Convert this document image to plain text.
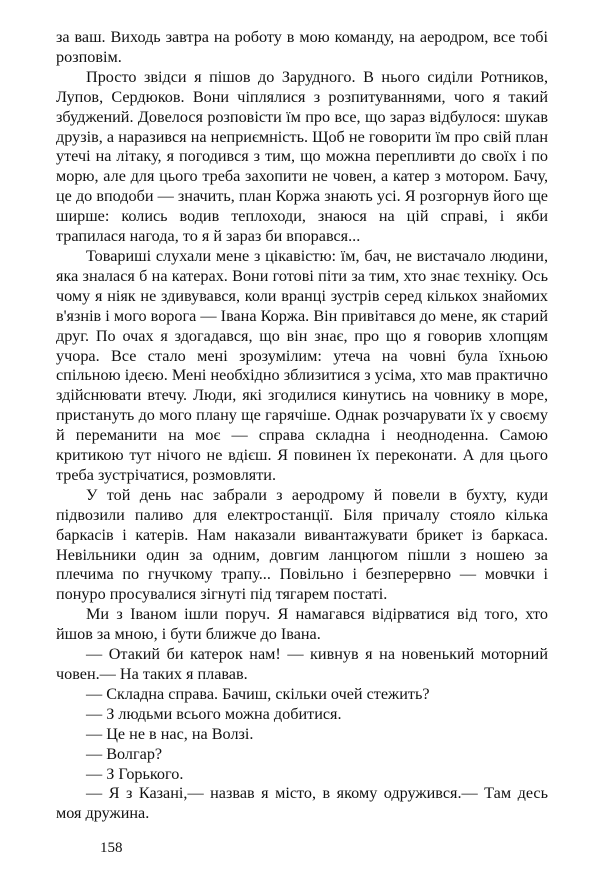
за ваш. Виходь завтра на роботу в мою команду, на аеродром, все тобі розповім.

Просто звідси я пішов до Зарудного. В нього сиділи Ротников, Лупов, Сердюков. Вони чіплялися з розпитуваннями, чого я такий збуджений. Довелося розповісти їм про все, що зараз відбулося: шукав друзів, а наразився на неприємність. Щоб не говорити їм про свій план утечі на літаку, я погодився з тим, що можна перепливти до своїх і по морю, але для цього треба захопити не човен, а катер з мотором. Бачу, це до вподоби — значить, план Коржа знають усі. Я розгорнув його ще ширше: колись водив теплоходи, знаюся на цій справі, і якби трапилася нагода, то я й зараз би впорався...

Товариші слухали мене з цікавістю: їм, бач, не вистачало людини, яка зналася б на катерах. Вони готові піти за тим, хто знає техніку. Ось чому я ніяк не здивувався, коли вранці зустрів серед кількох знайомих в'язнів і мого ворога — Івана Коржа. Він привітався до мене, як старий друг. По очах я здогадався, що він знає, про що я говорив хлопцям учора. Все стало мені зрозумілим: утеча на човні була їхньою спільною ідеєю. Мені необхідно зблизитися з усіма, хто мав практично здійснювати втечу. Люди, які згодилися кинутись на човнику в море, пристануть до мого плану ще гарячіше. Однак розчарувати їх у своєму й переманити на моє — справа складна і неодноденна. Самою критикою тут нічого не вдієш. Я повинен їх переконати. А для цього треба зустрічатися, розмовляти.

У той день нас забрали з аеродрому й повели в бухту, куди підвозили паливо для електростанції. Біля причалу стояло кілька баркасів і катерів. Нам наказали вивантажувати брикет із баркаса. Невільники один за одним, довгим ланцюгом пішли з ношею за плечима по гнучкому трапу... Повільно і безперервно — мовчки і понуро просувалися зігнуті під тягарем постаті.

Ми з Іваном ішли поруч. Я намагався відірватися від того, хто йшов за мною, і бути ближче до Івана.

— Отакий би катерок нам! — кивнув я на новенький моторний човен.— На таких я плавав.

— Складна справа. Бачиш, скільки очей стежить?

— З людьми всього можна добитися.

— Це не в нас, на Волзі.

— Волгар?

— З Горького.

— Я з Казані,— назвав я місто, в якому одружився.— Там десь моя дружина.

158
